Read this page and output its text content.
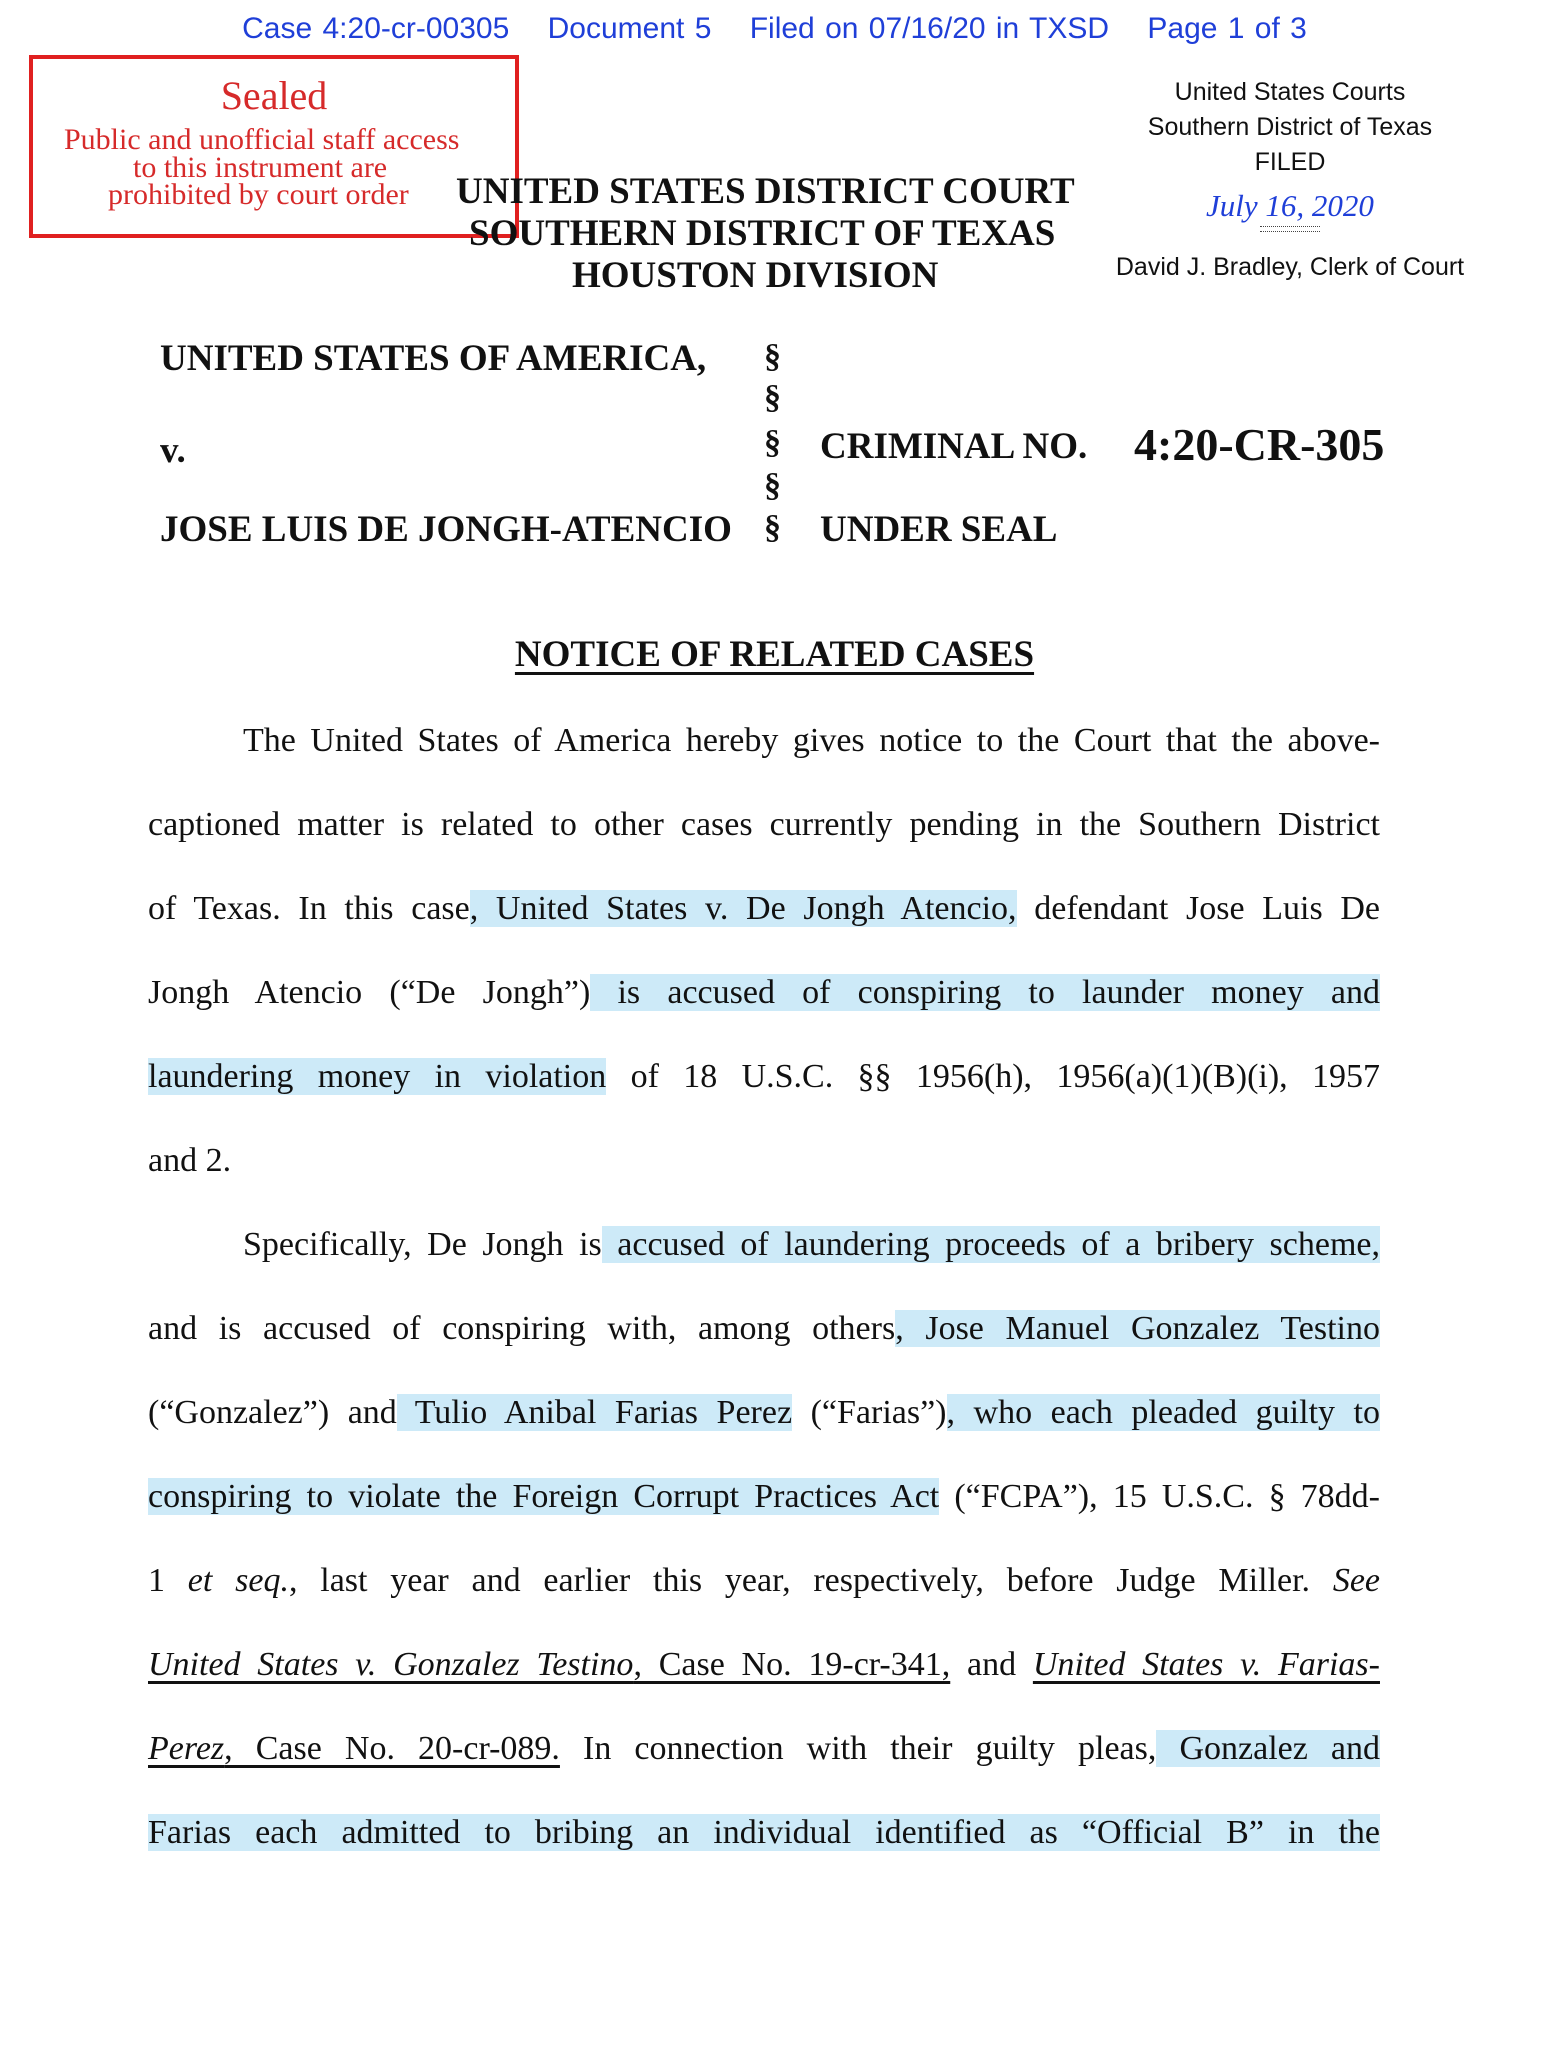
Case 4:20-cr-00305 Document 5 Filed on 07/16/20 in TXSD Page 1 of 3
Sealed
Public and unofficial staff access
to this instrument are
prohibited by court order
United States Courts
Southern District of Texas
FILED
July 16, 2020
David J. Bradley, Clerk of Court
UNITED STATES DISTRICT COURT
SOUTHERN DISTRICT OF TEXAS
HOUSTON DIVISION
UNITED STATES OF AMERICA,
v.
JOSE LUIS DE JONGH-ATENCIO
§
§
§
§
§
CRIMINAL NO. 4:20-CR-305
UNDER SEAL
NOTICE OF RELATED CASES
The United States of America hereby gives notice to the Court that the above-
captioned matter is related to other cases currently pending in the Southern District
of Texas. In this case, United States v. De Jongh Atencio, defendant Jose Luis De
Jongh Atencio (“De Jongh”) is accused of conspiring to launder money and
laundering money in violation of 18 U.S.C. §§ 1956(h), 1956(a)(1)(B)(i), 1957
and 2.
Specifically, De Jongh is accused of laundering proceeds of a bribery scheme,
and is accused of conspiring with, among others, Jose Manuel Gonzalez Testino
(“Gonzalez”) and Tulio Anibal Farias Perez (“Farias”), who each pleaded guilty to
conspiring to violate the Foreign Corrupt Practices Act (“FCPA”), 15 U.S.C. § 78dd-
1 et seq., last year and earlier this year, respectively, before Judge Miller. See
United States v. Gonzalez Testino, Case No. 19-cr-341, and United States v. Farias-
Perez, Case No. 20-cr-089. In connection with their guilty pleas, Gonzalez and
Farias each admitted to bribing an individual identified as “Official B” in the
